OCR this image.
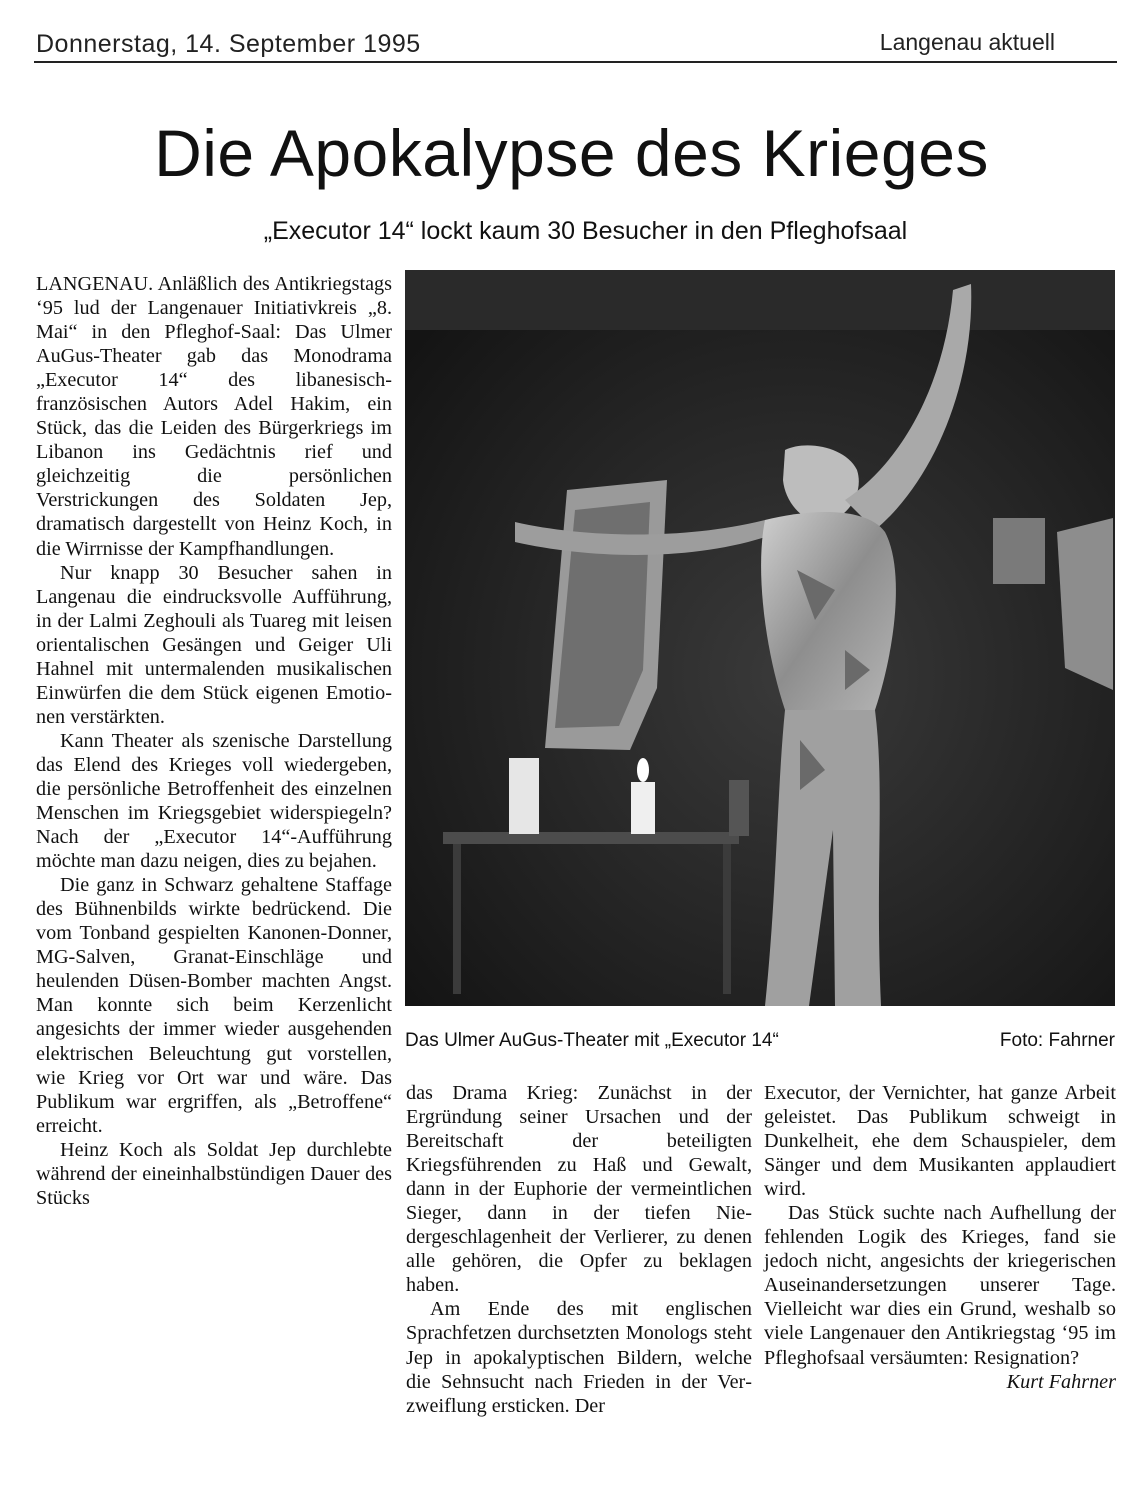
Donnerstag, 14. September 1995	Langenau aktuell
Die Apokalypse des Krieges
„Executor 14“ lockt kaum 30 Besucher in den Pfleghofsaal

LANGENAU. Anläßlich des Antikriegstags ‘95 lud der Langenauer Initiativkreis „8. Mai“ in den Pfleghof-Saal: Das Ulmer AuGus-Theater gab das Monodrama „Executor 14“ des libanesisch-französischen Autors Adel Hakim, ein Stück, das die Leiden des Bürgerkriegs im Libanon ins Gedächtnis rief und gleichzeitig die persönlichen Verstrickungen des Soldaten Jep, dramatisch dargestellt von Heinz Koch, in die Wirrnisse der Kampfhandlungen.

Nur knapp 30 Besucher sahen in Langenau die eindrucksvolle Aufführung, in der Lalmi Zeghouli als Tuareg mit leisen orientalischen Gesängen und Geiger Uli Hahnel mit untermalenden musikalischen Einwürfen die dem Stück eigenen Emotionen verstärkten.

Kann Theater als szenische Darstellung das Elend des Krieges voll wiedergeben, die persönliche Betroffenheit des einzelnen Menschen im Kriegsgebiet widerspiegeln? Nach der „Executor 14“-Aufführung möchte man dazu neigen, dies zu bejahen.

Die ganz in Schwarz gehaltene Staffage des Bühnenbilds wirkte bedrückend. Die vom Tonband gespielten Kanonen-Donner, MG-Salven, Granat-Einschläge und heulenden Düsen-Bomber machten Angst. Man konnte sich beim Kerzenlicht angesichts der immer wieder ausgehenden elektrischen Beleuchtung gut vorstellen, wie Krieg vor Ort war und wäre. Das Publikum war ergriffen, als „Betroffene“ erreicht.

Heinz Koch als Soldat Jep durchlebte während der eineinhalbstündigen Dauer des Stücks

Das Ulmer AuGus-Theater mit „Executor 14“	Foto: Fahrner

das Drama Krieg: Zunächst in der Ergründung seiner Ursachen und der Bereitschaft der beteiligten Kriegsführenden zu Haß und Gewalt, dann in der Euphorie der vermeintlichen Sieger, dann in der tiefen Niedergeschlagenheit der Verlierer, zu denen alle gehören, die Opfer zu beklagen haben.

Am Ende des mit englischen Sprachfetzen durchsetzten Monologs steht Jep in apokalyptischen Bildern, welche die Sehnsucht nach Frieden in der Verzweiflung ersticken. Der

Executor, der Vernichter, hat ganze Arbeit geleistet. Das Publikum schweigt in Dunkelheit, ehe dem Schauspieler, dem Sänger und dem Musikanten applaudiert wird.

Das Stück suchte nach Aufhellung der fehlenden Logik des Krieges, fand sie jedoch nicht, angesichts der kriegerischen Auseinandersetzungen unserer Tage. Vielleicht war dies ein Grund, weshalb so viele Langenauer den Antikriegstag ‘95 im Pfleghofsaal versäumten: Resignation?
Kurt Fahrner
